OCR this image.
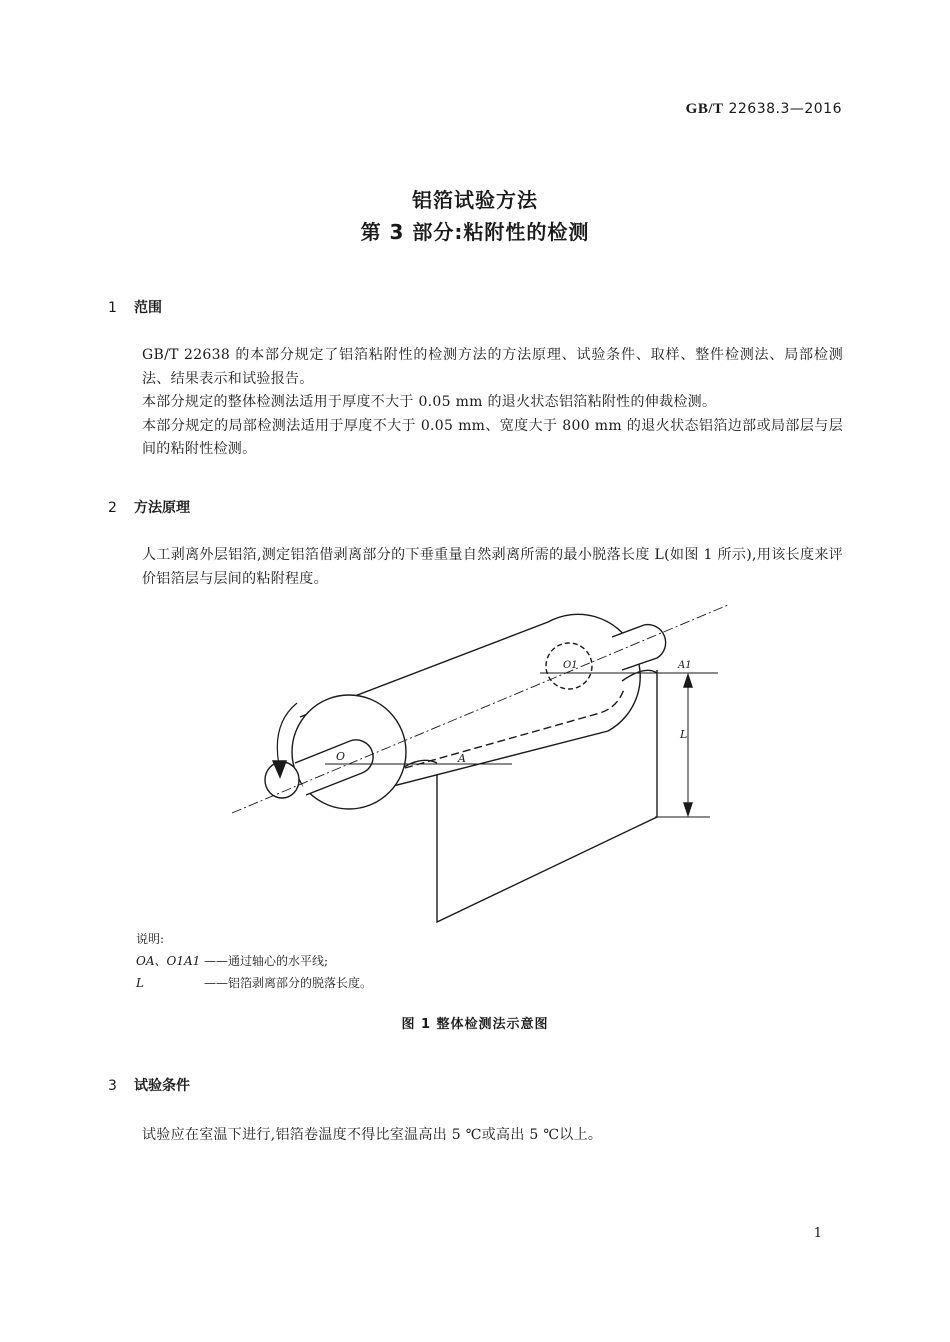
GB/T 22638.3—2016
铝箔试验方法
第 3 部分:粘附性的检测
1 范围
GB/T 22638 的本部分规定了铝箔粘附性的检测方法的方法原理、试验条件、取样、整件检测法、局部检测法、结果表示和试验报告。
本部分规定的整体检测法适用于厚度不大于 0.05 mm 的退火状态铝箔粘附性的伸裁检测。
本部分规定的局部检测法适用于厚度不大于 0.05 mm、宽度大于 800 mm 的退火状态铝箔边部或局部层与层间的粘附性检测。
2 方法原理
人工剥离外层铝箔,测定铝箔借剥离部分的下垂重量自然剥离所需的最小脱落长度 L(如图 1 所示),用该长度来评价铝箔层与层间的粘附程度。
O	A
O1	A1
L
说明:
OA、O1A1 ——通过轴心的水平线;
L	——铝箔剥离部分的脱落长度。
图 1 整体检测法示意图
3 试验条件
试验应在室温下进行,铝箔卷温度不得比室温高出 5 ℃或高出 5 ℃以上。
1
